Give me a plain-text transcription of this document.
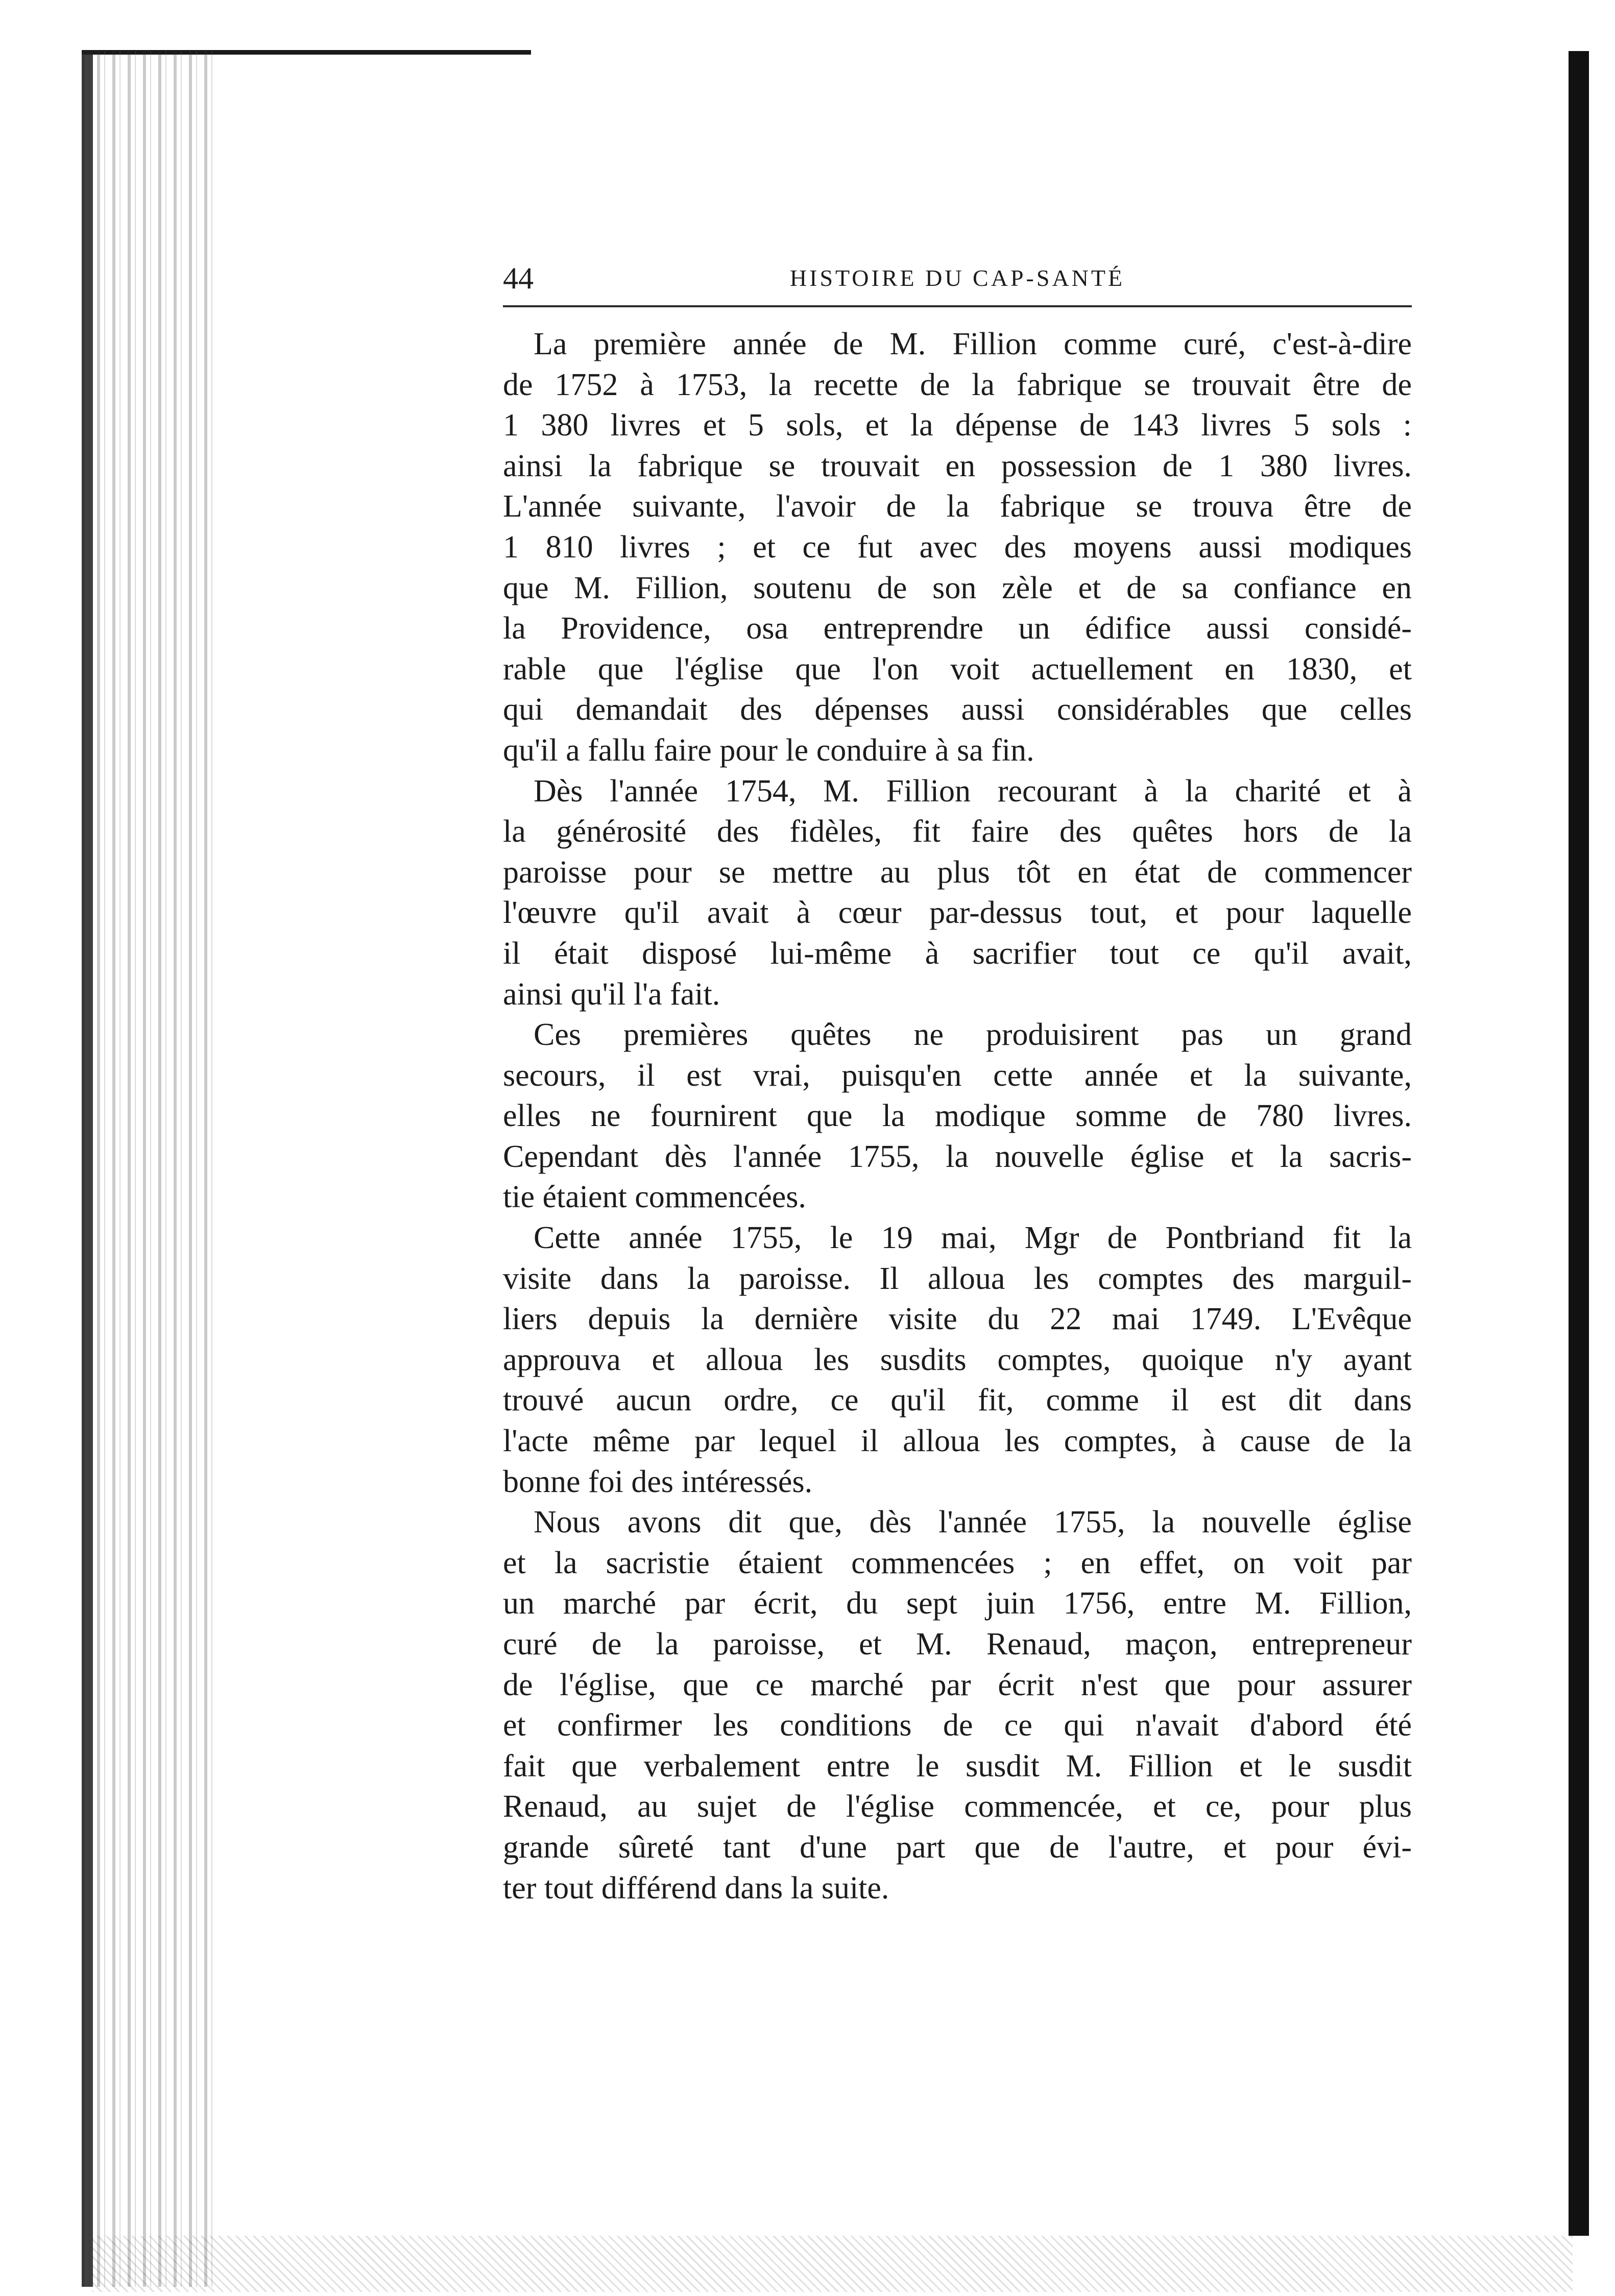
44	HISTOIRE DU CAP-SANTÉ
La première année de M. Fillion comme curé, c'est-à-dire
de 1752 à 1753, la recette de la fabrique se trouvait être de
1 380 livres et 5 sols, et la dépense de 143 livres 5 sols :
ainsi la fabrique se trouvait en possession de 1 380 livres.
L'année suivante, l'avoir de la fabrique se trouva être de
1 810 livres ; et ce fut avec des moyens aussi modiques
que M. Fillion, soutenu de son zèle et de sa confiance en
la Providence, osa entreprendre un édifice aussi considé-
rable que l'église que l'on voit actuellement en 1830, et
qui demandait des dépenses aussi considérables que celles
qu'il a fallu faire pour le conduire à sa fin.
Dès l'année 1754, M. Fillion recourant à la charité et à
la générosité des fidèles, fit faire des quêtes hors de la
paroisse pour se mettre au plus tôt en état de commencer
l'œuvre qu'il avait à cœur par-dessus tout, et pour laquelle
il était disposé lui-même à sacrifier tout ce qu'il avait,
ainsi qu'il l'a fait.
Ces premières quêtes ne produisirent pas un grand
secours, il est vrai, puisqu'en cette année et la suivante,
elles ne fournirent que la modique somme de 780 livres.
Cependant dès l'année 1755, la nouvelle église et la sacris-
tie étaient commencées.
Cette année 1755, le 19 mai, Mgr de Pontbriand fit la
visite dans la paroisse. Il alloua les comptes des marguil-
liers depuis la dernière visite du 22 mai 1749. L'Evêque
approuva et alloua les susdits comptes, quoique n'y ayant
trouvé aucun ordre, ce qu'il fit, comme il est dit dans
l'acte même par lequel il alloua les comptes, à cause de la
bonne foi des intéressés.
Nous avons dit que, dès l'année 1755, la nouvelle église
et la sacristie étaient commencées ; en effet, on voit par
un marché par écrit, du sept juin 1756, entre M. Fillion,
curé de la paroisse, et M. Renaud, maçon, entrepreneur
de l'église, que ce marché par écrit n'est que pour assurer
et confirmer les conditions de ce qui n'avait d'abord été
fait que verbalement entre le susdit M. Fillion et le susdit
Renaud, au sujet de l'église commencée, et ce, pour plus
grande sûreté tant d'une part que de l'autre, et pour évi-
ter tout différend dans la suite.
